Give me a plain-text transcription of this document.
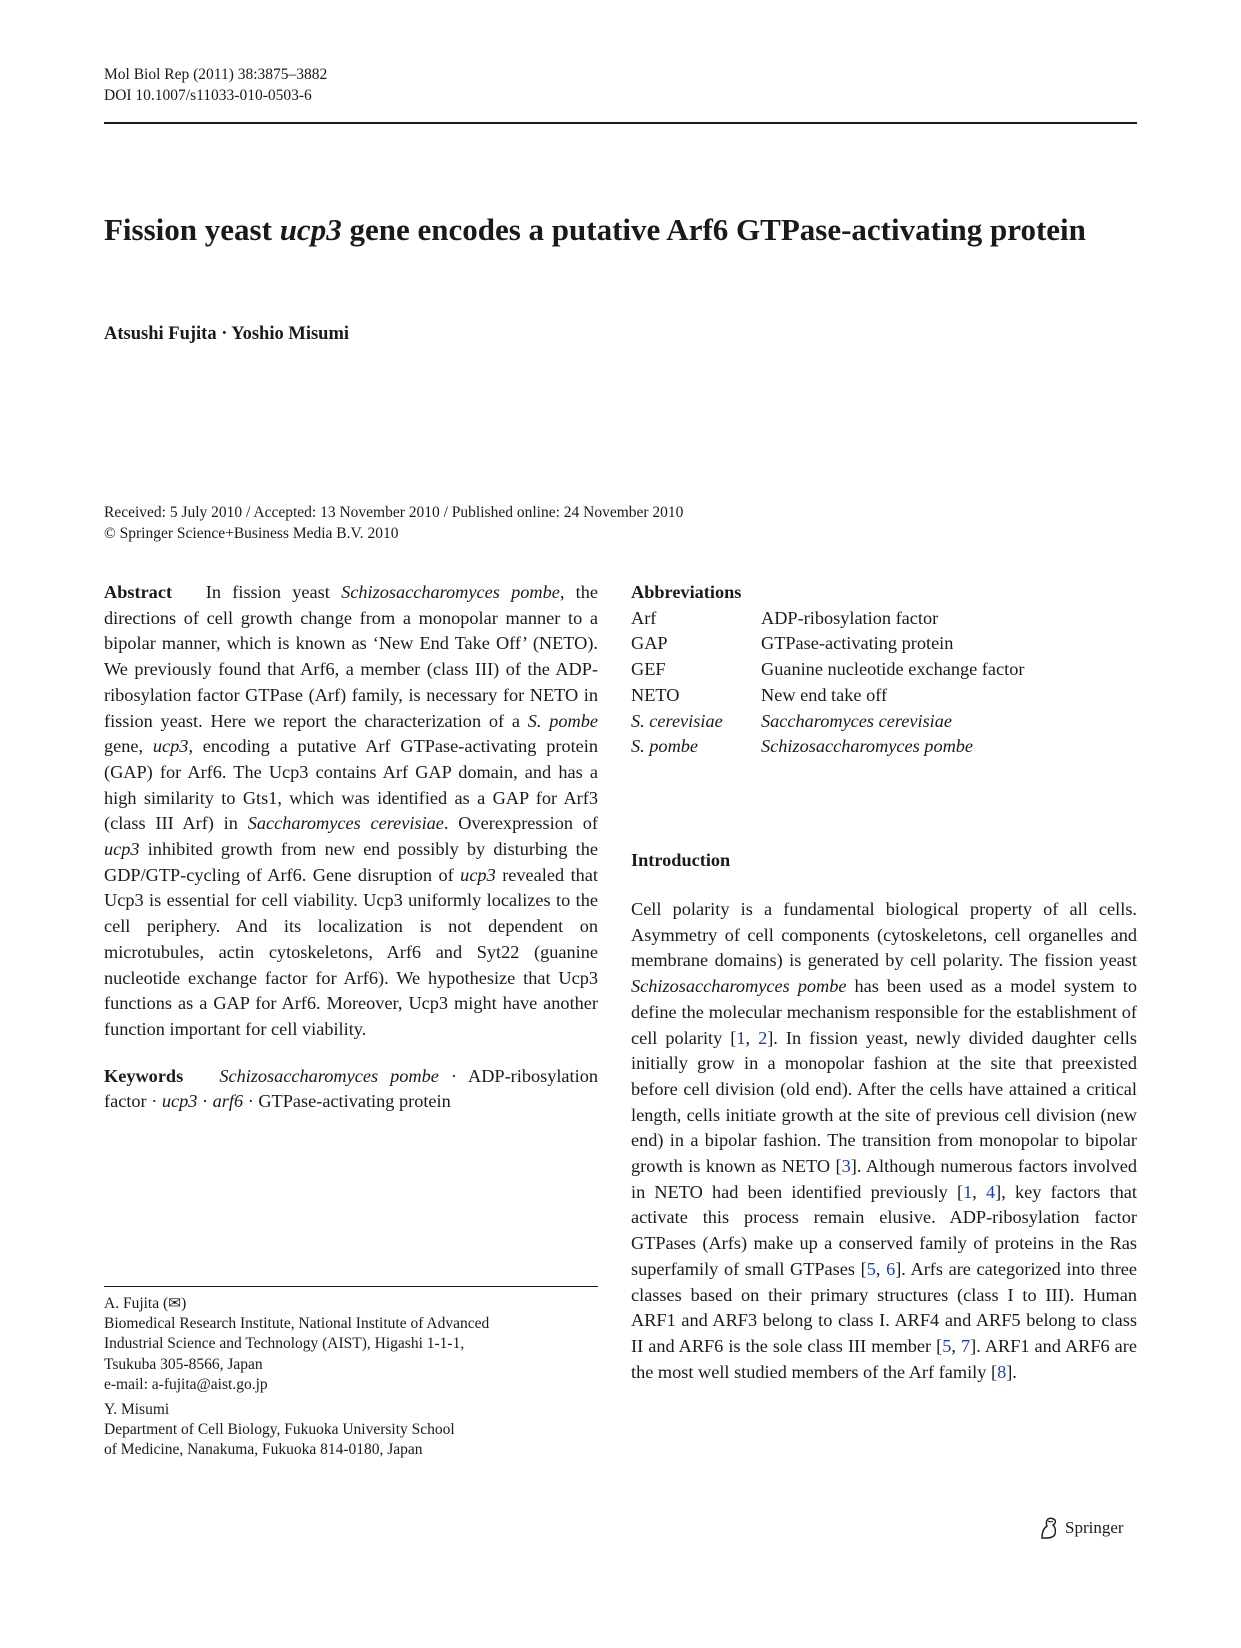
Mol Biol Rep (2011) 38:3875–3882
DOI 10.1007/s11033-010-0503-6
Fission yeast ucp3 gene encodes a putative Arf6 GTPase-activating protein
Atsushi Fujita · Yoshio Misumi
Received: 5 July 2010 / Accepted: 13 November 2010 / Published online: 24 November 2010
© Springer Science+Business Media B.V. 2010

Abstract In fission yeast Schizosaccharomyces pombe, the directions of cell growth change from a monopolar manner to a bipolar manner, which is known as ‘New End Take Off’ (NETO). We previously found that Arf6, a member (class III) of the ADP-ribosylation factor GTPase (Arf) family, is necessary for NETO in fission yeast. Here we report the characterization of a S. pombe gene, ucp3, encoding a putative Arf GTPase-activating protein (GAP) for Arf6. The Ucp3 contains Arf GAP domain, and has a high similarity to Gts1, which was identified as a GAP for Arf3 (class III Arf) in Saccharomyces cerevisiae. Overexpression of ucp3 inhibited growth from new end possibly by disturbing the GDP/GTP-cycling of Arf6. Gene disruption of ucp3 revealed that Ucp3 is essential for cell viability. Ucp3 uniformly localizes to the cell periphery. And its localization is not dependent on microtubules, actin cytoskeletons, Arf6 and Syt22 (guanine nucleotide exchange factor for Arf6). We hypothesize that Ucp3 functions as a GAP for Arf6. Moreover, Ucp3 might have another function important for cell viability.

Keywords Schizosaccharomyces pombe · ADP-ribosylation factor · ucp3 · arf6 · GTPase-activating protein

A. Fujita (✉)
Biomedical Research Institute, National Institute of Advanced
Industrial Science and Technology (AIST), Higashi 1-1-1,
Tsukuba 305-8566, Japan
e-mail: a-fujita@aist.go.jp
Y. Misumi
Department of Cell Biology, Fukuoka University School
of Medicine, Nanakuma, Fukuoka 814-0180, Japan
Abbreviations
Arf	ADP-ribosylation factor
GAP	GTPase-activating protein
GEF	Guanine nucleotide exchange factor
NETO	New end take off
S. cerevisiae	Saccharomyces cerevisiae
S. pombe	Schizosaccharomyces pombe
Introduction

Cell polarity is a fundamental biological property of all cells. Asymmetry of cell components (cytoskeletons, cell organelles and membrane domains) is generated by cell polarity. The fission yeast Schizosaccharomyces pombe has been used as a model system to define the molecular mechanism responsible for the establishment of cell polarity [1, 2]. In fission yeast, newly divided daughter cells initially grow in a monopolar fashion at the site that preexisted before cell division (old end). After the cells have attained a critical length, cells initiate growth at the site of previous cell division (new end) in a bipolar fashion. The transition from monopolar to bipolar growth is known as NETO [3]. Although numerous factors involved in NETO had been identified previously [1, 4], key factors that activate this process remain elusive. ADP-ribosylation factor GTPases (Arfs) make up a conserved family of proteins in the Ras superfamily of small GTPases [5, 6]. Arfs are categorized into three classes based on their primary structures (class I to III). Human ARF1 and ARF3 belong to class I. ARF4 and ARF5 belong to class II and ARF6 is the sole class III member [5, 7]. ARF1 and ARF6 are the most well studied members of the Arf family [8].

Springer
